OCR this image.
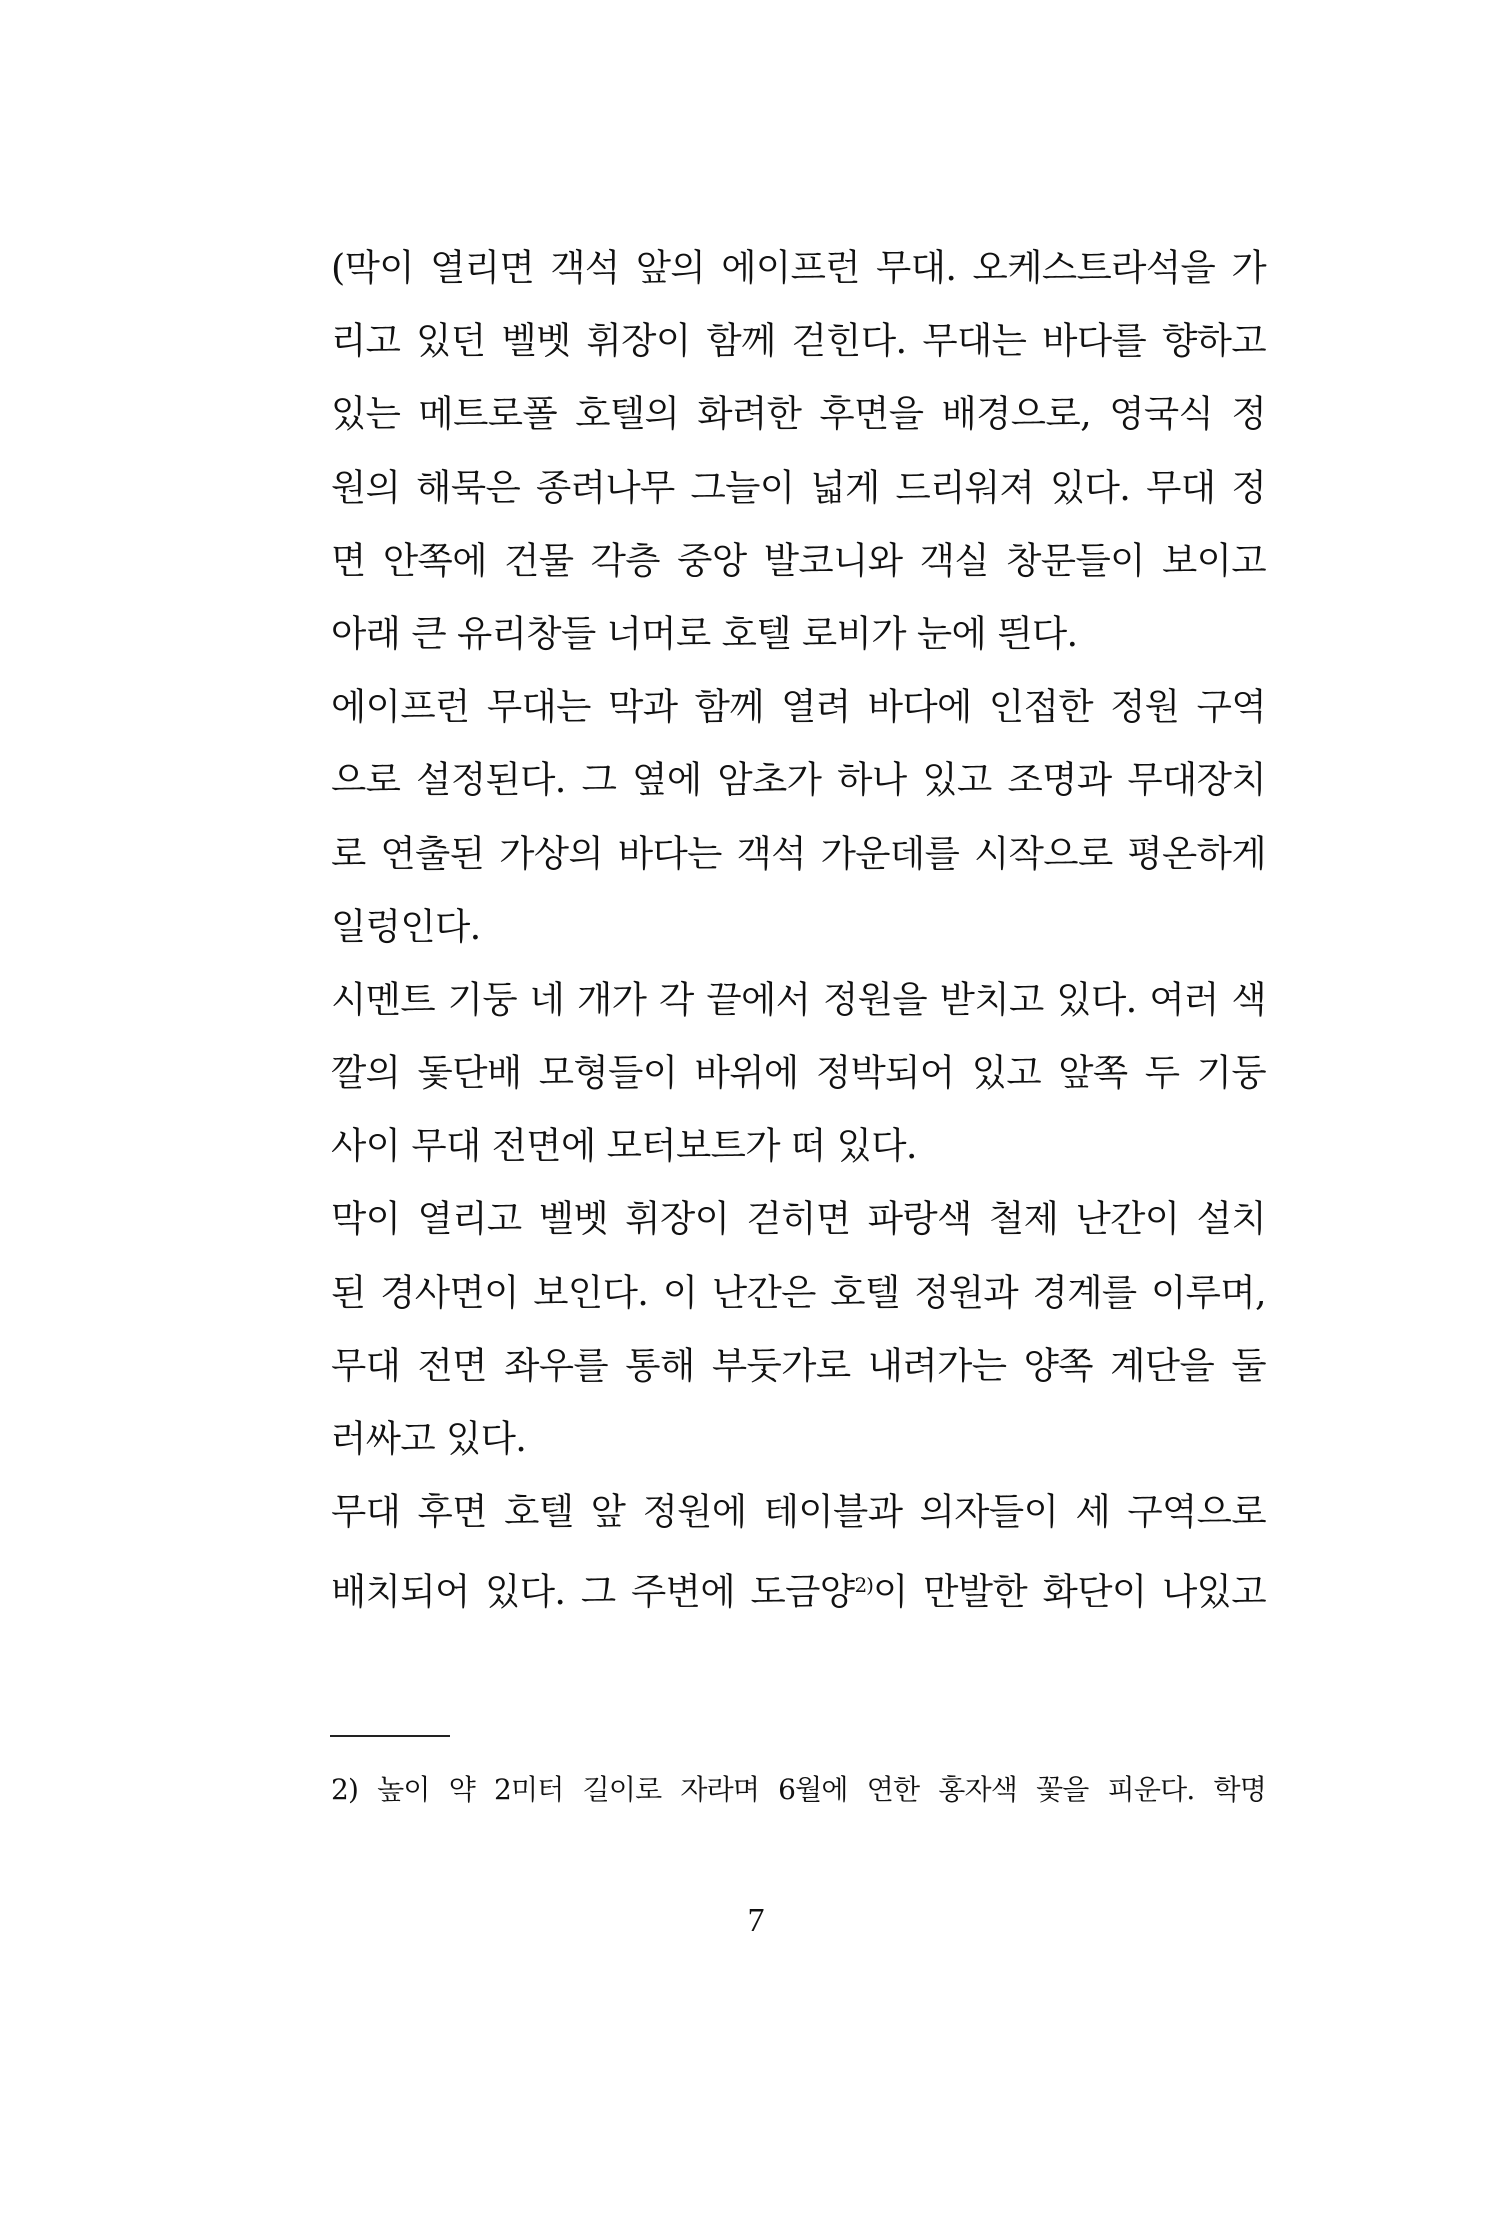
(막이 열리면 객석 앞의 에이프런 무대. 오케스트라석을 가
리고 있던 벨벳 휘장이 함께 걷힌다. 무대는 바다를 향하고
있는 메트로폴 호텔의 화려한 후면을 배경으로, 영국식 정
원의 해묵은 종려나무 그늘이 넓게 드리워져 있다. 무대 정
면 안쪽에 건물 각층 중앙 발코니와 객실 창문들이 보이고
아래 큰 유리창들 너머로 호텔 로비가 눈에 띈다.
에이프런 무대는 막과 함께 열려 바다에 인접한 정원 구역
으로 설정된다. 그 옆에 암초가 하나 있고 조명과 무대장치
로 연출된 가상의 바다는 객석 가운데를 시작으로 평온하게
일렁인다.
시멘트 기둥 네 개가 각 끝에서 정원을 받치고 있다. 여러 색
깔의 돛단배 모형들이 바위에 정박되어 있고 앞쪽 두 기둥
사이 무대 전면에 모터보트가 떠 있다.
막이 열리고 벨벳 휘장이 걷히면 파랑색 철제 난간이 설치
된 경사면이 보인다. 이 난간은 호텔 정원과 경계를 이루며,
무대 전면 좌우를 통해 부둣가로 내려가는 양쪽 계단을 둘
러싸고 있다.
무대 후면 호텔 앞 정원에 테이블과 의자들이 세 구역으로
배치되어 있다. 그 주변에 도금양$^{2)}$이 만발한 화단이 나있고
2) 높이 약 2미터 길이로 자라며 6월에 연한 홍자색 꽃을 피운다. 학명
7
